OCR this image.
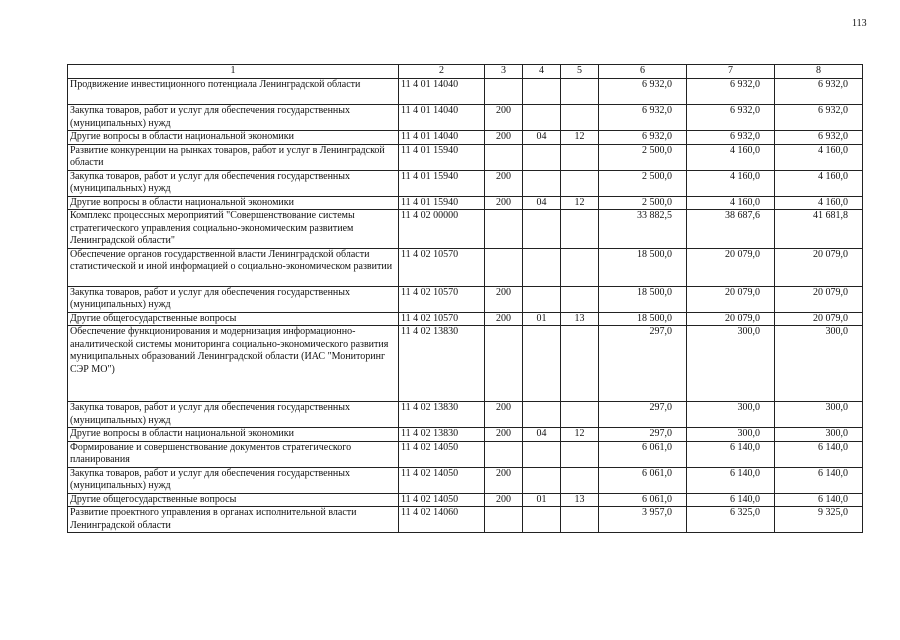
113
1	2	3	4	5	6	7	8
Продвижение инвестиционного потенциала Ленинградской области	11 4 01 14040				6 932,0	6 932,0	6 932,0
Закупка товаров, работ и услуг для обеспечения государственных (муниципальных) нужд	11 4 01 14040	200			6 932,0	6 932,0	6 932,0
Другие вопросы в области национальной экономики	11 4 01 14040	200	04	12	6 932,0	6 932,0	6 932,0
Развитие конкуренции на рынках товаров, работ и услуг в Ленинградской области	11 4 01 15940				2 500,0	4 160,0	4 160,0
Закупка товаров, работ и услуг для обеспечения государственных (муниципальных) нужд	11 4 01 15940	200			2 500,0	4 160,0	4 160,0
Другие вопросы в области национальной экономики	11 4 01 15940	200	04	12	2 500,0	4 160,0	4 160,0
Комплекс процессных мероприятий "Совершенствование системы стратегического управления социально-экономическим развитием Ленинградской области"	11 4 02 00000				33 882,5	38 687,6	41 681,8
Обеспечение органов государственной власти Ленинградской области статистической и иной информацией о социально-экономическом развитии	11 4 02 10570				18 500,0	20 079,0	20 079,0
Закупка товаров, работ и услуг для обеспечения государственных (муниципальных) нужд	11 4 02 10570	200			18 500,0	20 079,0	20 079,0
Другие общегосударственные вопросы	11 4 02 10570	200	01	13	18 500,0	20 079,0	20 079,0
Обеспечение функционирования и модернизация информационно-аналитической системы мониторинга социально-экономического развития муниципальных образований Ленинградской области (ИАС "Мониторинг СЭР МО")	11 4 02 13830				297,0	300,0	300,0
Закупка товаров, работ и услуг для обеспечения государственных (муниципальных) нужд	11 4 02 13830	200			297,0	300,0	300,0
Другие вопросы в области национальной экономики	11 4 02 13830	200	04	12	297,0	300,0	300,0
Формирование и совершенствование документов стратегического планирования	11 4 02 14050				6 061,0	6 140,0	6 140,0
Закупка товаров, работ и услуг для обеспечения государственных (муниципальных) нужд	11 4 02 14050	200			6 061,0	6 140,0	6 140,0
Другие общегосударственные вопросы	11 4 02 14050	200	01	13	6 061,0	6 140,0	6 140,0
Развитие проектного управления в органах исполнительной власти Ленинградской области	11 4 02 14060				3 957,0	6 325,0	9 325,0
